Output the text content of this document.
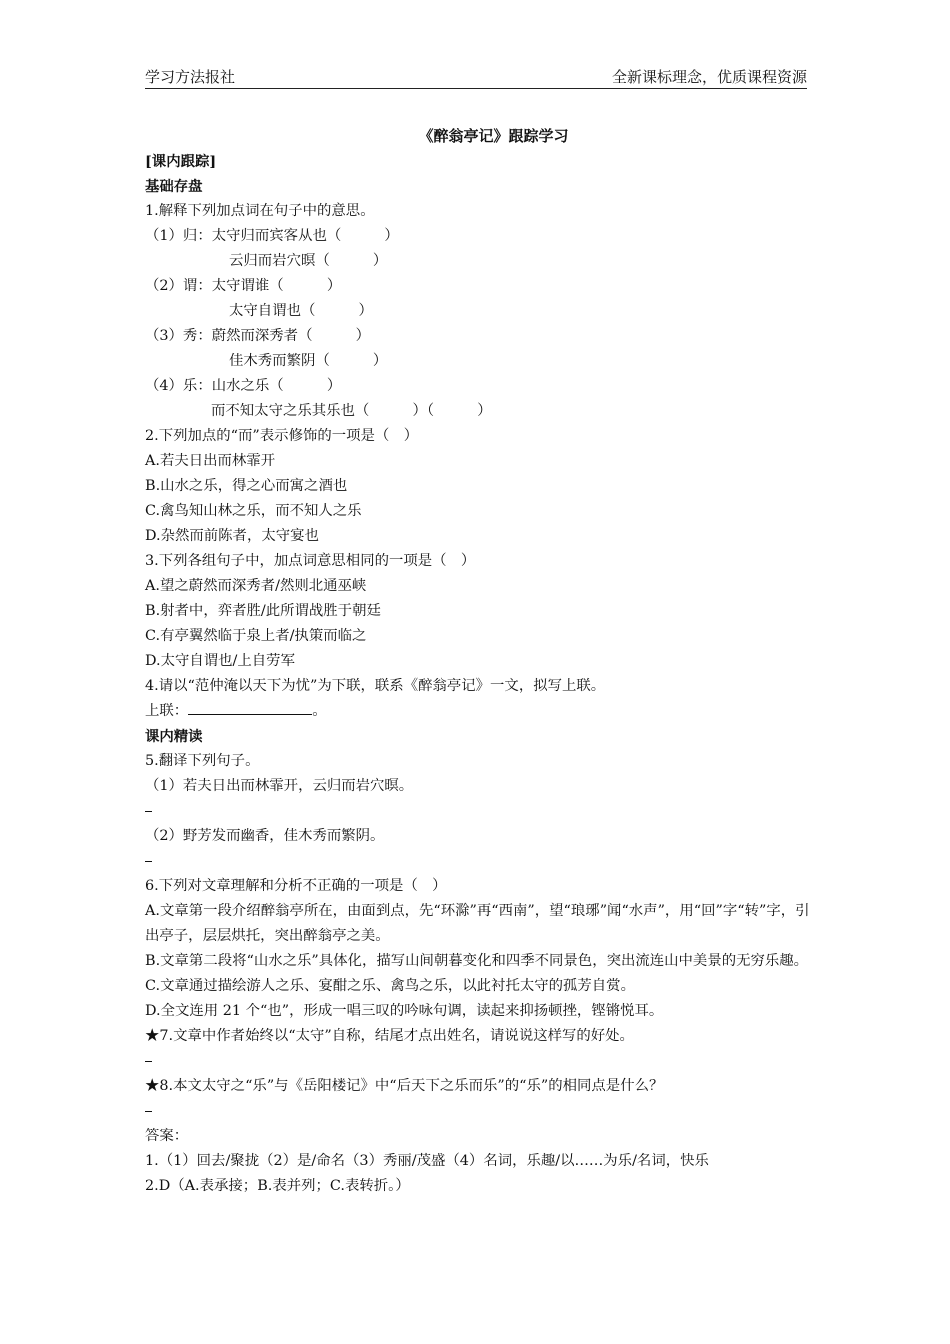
学习方法报社	全新课标理念，优质课程资源
《醉翁亭记》跟踪学习
[课内跟踪]
基础存盘
1.解释下列加点词在句子中的意思。
（1）归：太守归而宾客从也（　　　）
云归而岩穴暝（　　　）
（2）谓：太守谓谁（　　　）
太守自谓也（　　　）
（3）秀：蔚然而深秀者（　　　）
佳木秀而繁阴（　　　）
（4）乐：山水之乐（　　　）
而不知太守之乐其乐也（　　　）（　　　）
2.下列加点的“而”表示修饰的一项是（　）
A.若夫日出而林霏开
B.山水之乐，得之心而寓之酒也
C.禽鸟知山林之乐，而不知人之乐
D.杂然而前陈者，太守宴也
3.下列各组句子中，加点词意思相同的一项是（　）
A.望之蔚然而深秀者/然则北通巫峡
B.射者中，弈者胜/此所谓战胜于朝廷
C.有亭翼然临于泉上者/执策而临之
D.太守自谓也/上自劳军
4.请以“范仲淹以天下为忧”为下联，联系《醉翁亭记》一文，拟写上联。
上联：	。
课内精读
5.翻译下列句子。
（1）若夫日出而林霏开，云归而岩穴暝。
（2）野芳发而幽香，佳木秀而繁阴。
6.下列对文章理解和分析不正确的一项是（　）
A.文章第一段介绍醉翁亭所在，由面到点，先“环滁”再“西南”，望“琅琊”闻“水声”，用“回”字“转”字，引出亭子，层层烘托，突出醉翁亭之美。
B.文章第二段将“山水之乐”具体化，描写山间朝暮变化和四季不同景色，突出流连山中美景的无穷乐趣。
C.文章通过描绘游人之乐、宴酣之乐、禽鸟之乐，以此衬托太守的孤芳自赏。
D.全文连用 21 个“也”，形成一唱三叹的吟咏句调，读起来抑扬顿挫，铿锵悦耳。
★7.文章中作者始终以“太守”自称，结尾才点出姓名，请说说这样写的好处。
★8.本文太守之“乐”与《岳阳楼记》中“后天下之乐而乐”的“乐”的相同点是什么？
答案：
1.（1）回去/聚拢（2）是/命名（3）秀丽/茂盛（4）名词，乐趣/以……为乐/名词，快乐
2.D（A.表承接；B.表并列；C.表转折。）
